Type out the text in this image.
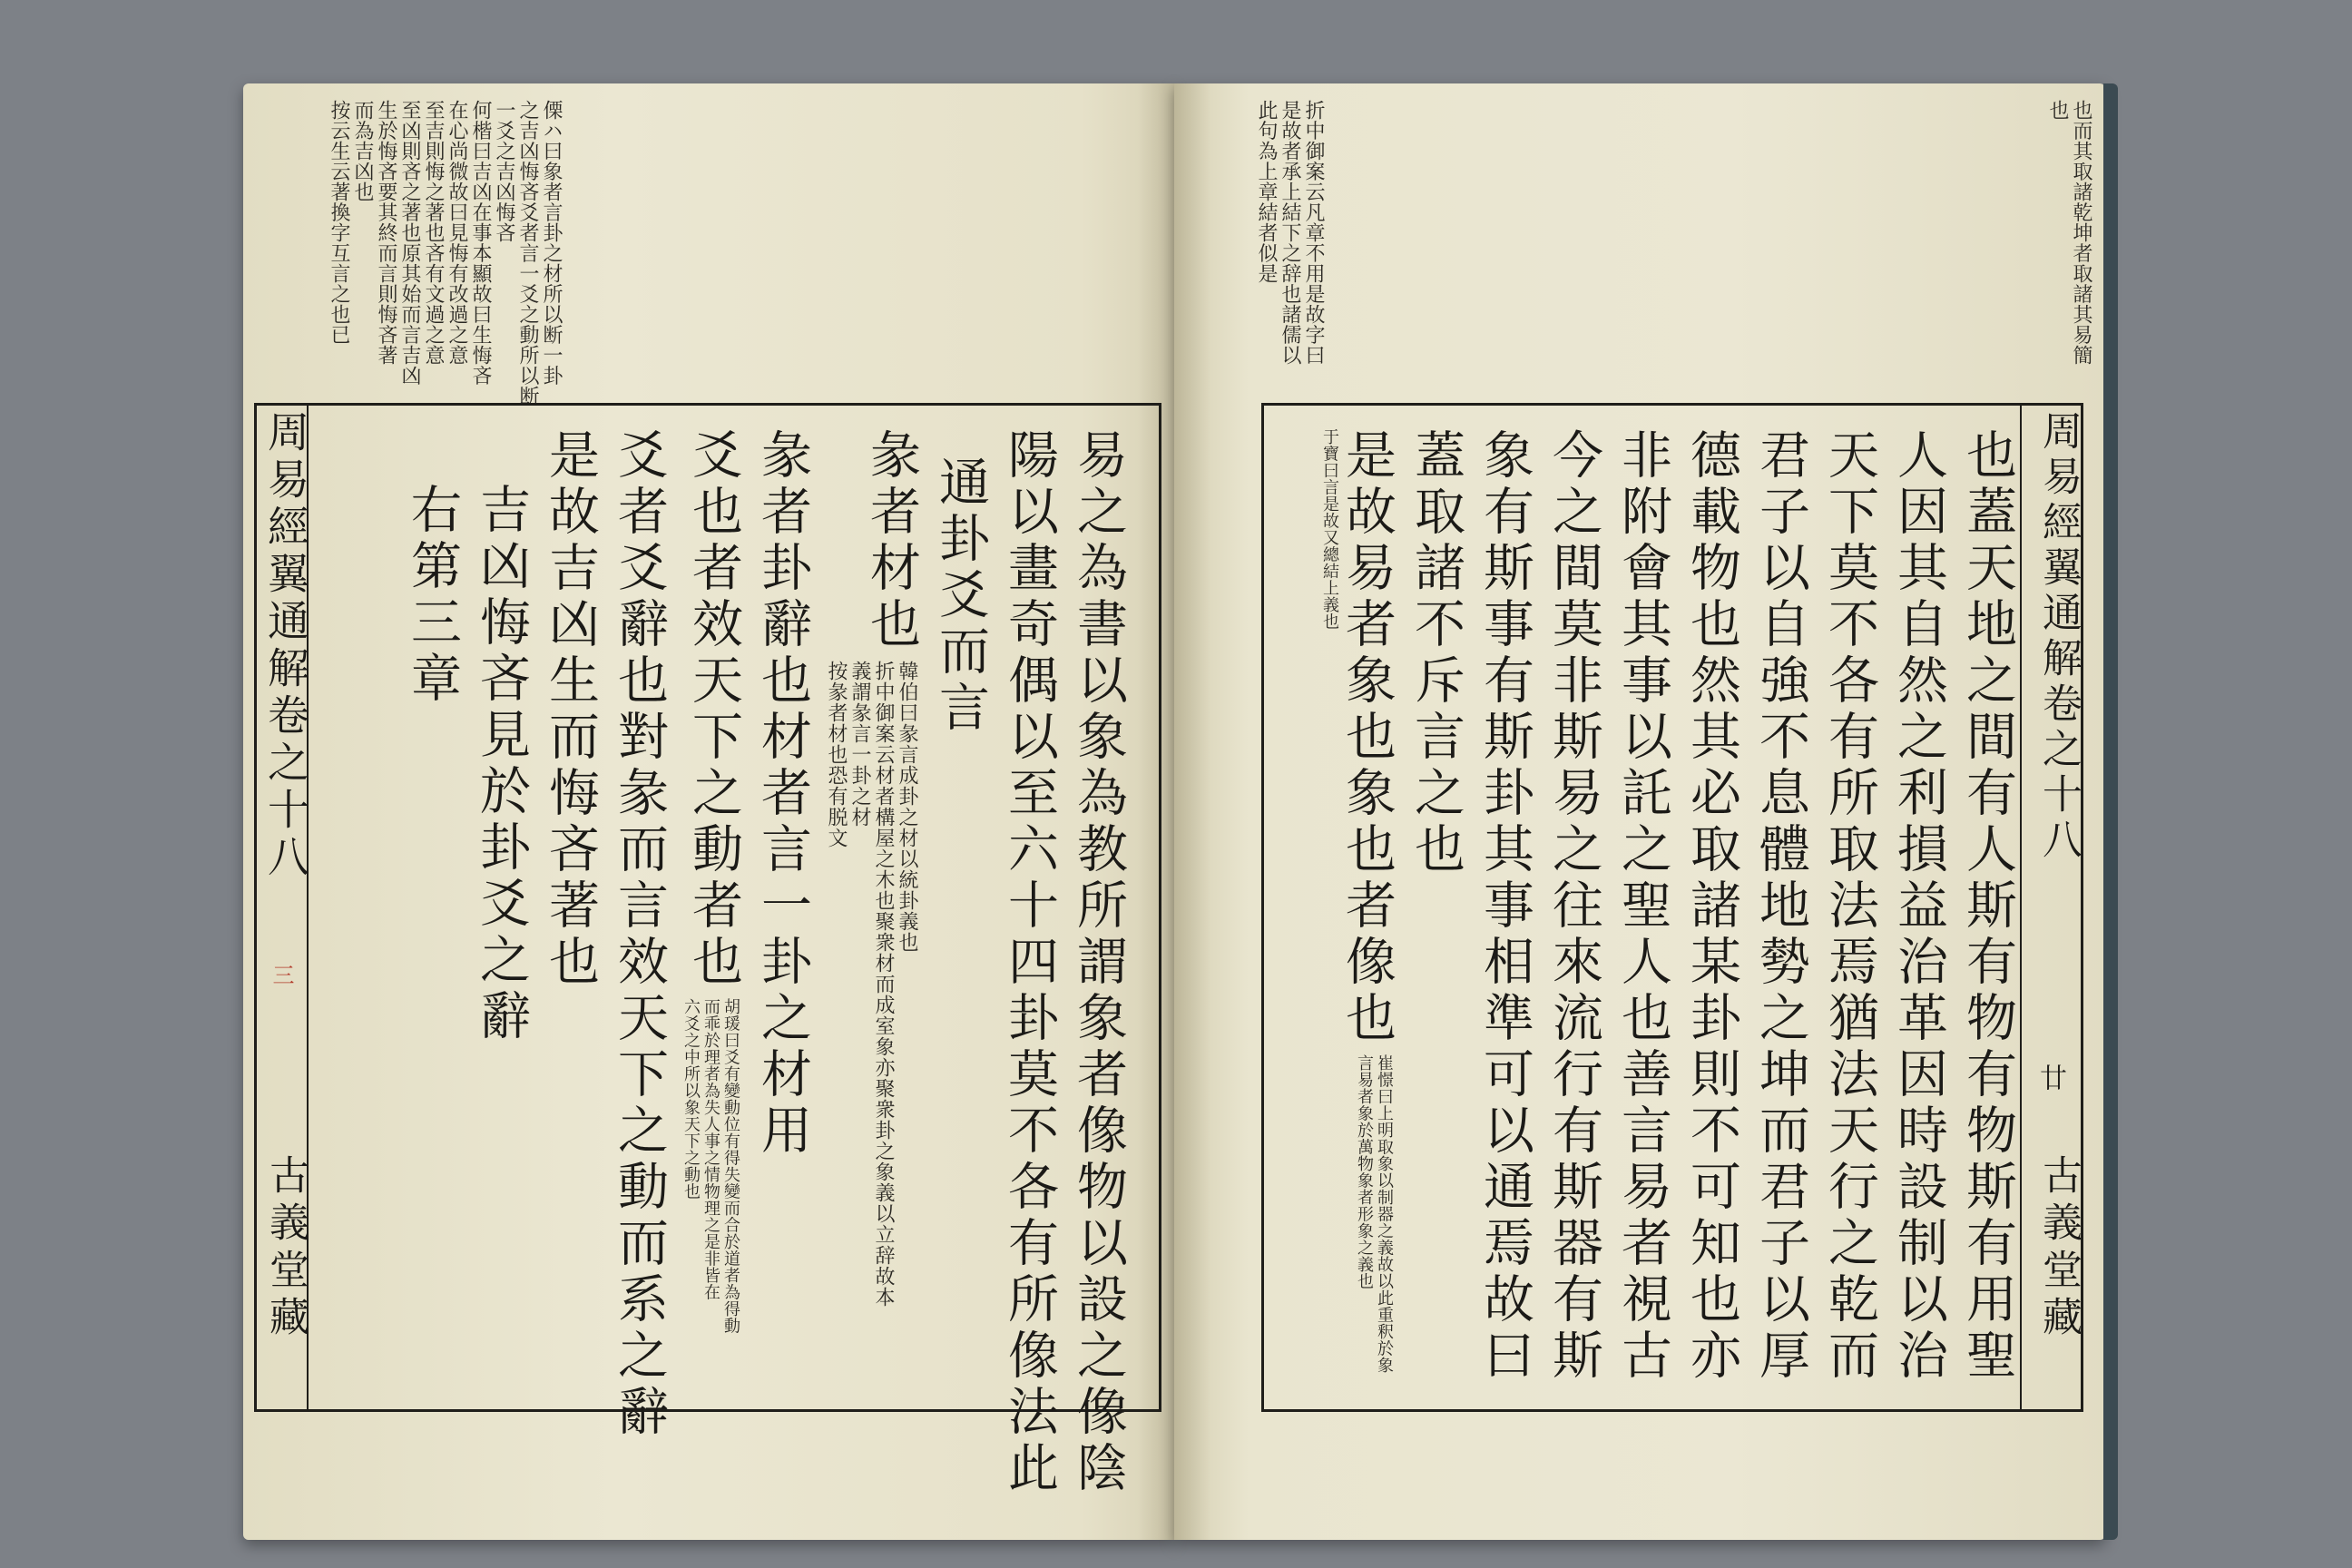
傈ハ曰象者言卦之材所以断一卦
之吉凶悔吝爻者言一爻之動所以断
一爻之吉凶悔吝
何楷曰吉凶在事本顯故曰生悔吝
在心尚微故曰見悔有改過之意
至吉則悔之著也吝有文過之意
至凶則吝之著也原其始而言吉凶
生於悔吝要其終而言則悔吝著
而為吉凶也
按云生云著換字互言之也已
周易經翼通解卷之十八
三
古義堂藏	易之為書以象為教所謂象者像物以設之像陰
陽以畫奇偶以至六十四卦莫不各有所像法此
通卦爻而言
彖者材也
韓伯曰彖言成卦之材以統卦義也
折中御案云材者構屋之木也聚衆材而成室象亦聚衆卦之象義以立辞故本
義謂彖言一卦之材
按彖者材也恐有脱文
彖者卦辭也材者言一卦之材用
爻也者效天下之動者也
胡瑗曰爻有變動位有得失變而合於道者為得動
而乖於理者為失人事之情物理之是非皆在
六爻之中所以象天下之動也
爻者爻辭也對彖而言效天下之動而系之辭
是故吉凶生而悔吝著也
吉凶悔吝見於卦爻之辭
右第三章
也而其取諸乾坤者取諸其易簡
也
折中御案云凡章不用是故字曰
是故者承上結下之辞也諸儒以
此句為上章結者似是
周易經翼通解卷之十八
廿
古義堂藏
也蓋天地之間有人斯有物有物斯有用聖
人因其自然之利損益治革因時設制以治
天下莫不各有所取法焉猶法天行之乾而
君子以自強不息體地勢之坤而君子以厚
德載物也然其必取諸某卦則不可知也亦
非附會其事以託之聖人也善言易者視古
今之間莫非斯易之往來流行有斯器有斯
象有斯事有斯卦其事相準可以通焉故曰
蓋取諸不斥言之也
是故易者象也象也者像也
崔憬曰上明取象以制器之義故以此重釈於象
言易者象於萬物象者形象之義也
于寶曰言是故又總結上義也
